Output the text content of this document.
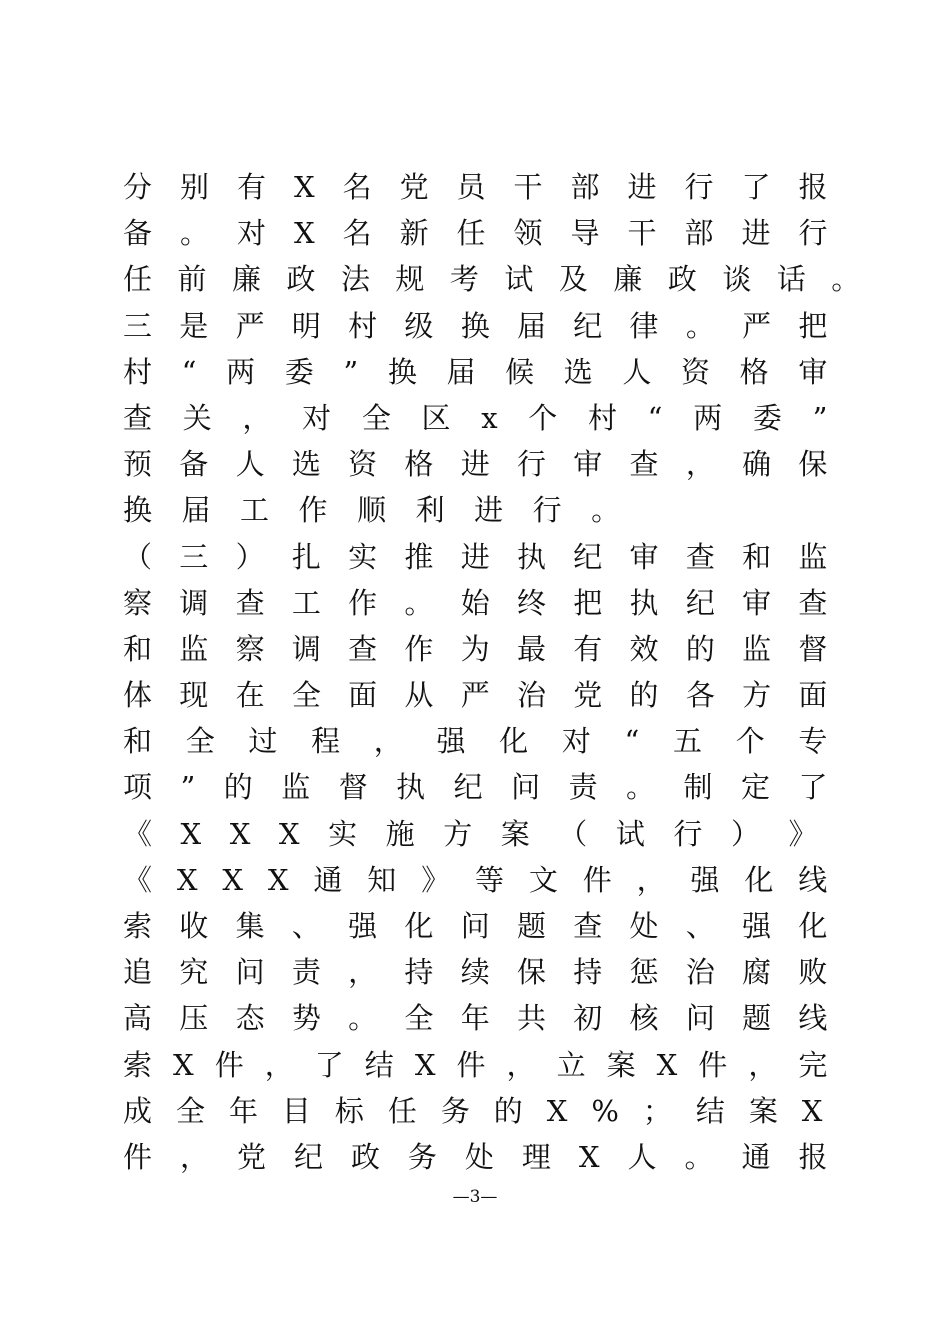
分 别 有 X 名 党 员 干 部 进 行 了 报
备 。 对 X 名 新 任 领 导 干 部 进 行
任 前 廉 政 法 规 考 试 及 廉 政 谈 话 。
三 是 严 明 村 级 换 届 纪 律 。 严 把
村 “ 两 委 ” 换 届 候 选 人 资 格 审
查 关 ， 对 全 区 x 个 村 “ 两 委 ”
预 备 人 选 资 格 进 行 审 查 ， 确 保
换 届 工 作 顺 利 进 行 。
（ 三 ） 扎 实 推 进 执 纪 审 查 和 监
察 调 查 工 作 。 始 终 把 执 纪 审 查
和 监 察 调 查 作 为 最 有 效 的 监 督
体 现 在 全 面 从 严 治 党 的 各 方 面
和 全 过 程 ， 强 化 对 “ 五 个 专
项 ” 的 监 督 执 纪 问 责 。 制 定 了
《 X X X 实 施 方 案 （ 试 行 ） 》
《 X X X 通 知 》 等 文 件 ， 强 化 线
索 收 集 、 强 化 问 题 查 处 、 强 化
追 究 问 责 ， 持 续 保 持 惩 治 腐 败
高 压 态 势 。 全 年 共 初 核 问 题 线
索 X 件 ， 了 结 X 件 ， 立 案 X 件 ， 完
成 全 年 目 标 任 务 的 X % ； 结 案 X
件 ， 党 纪 政 务 处 理 X 人 。 通 报
—3—
